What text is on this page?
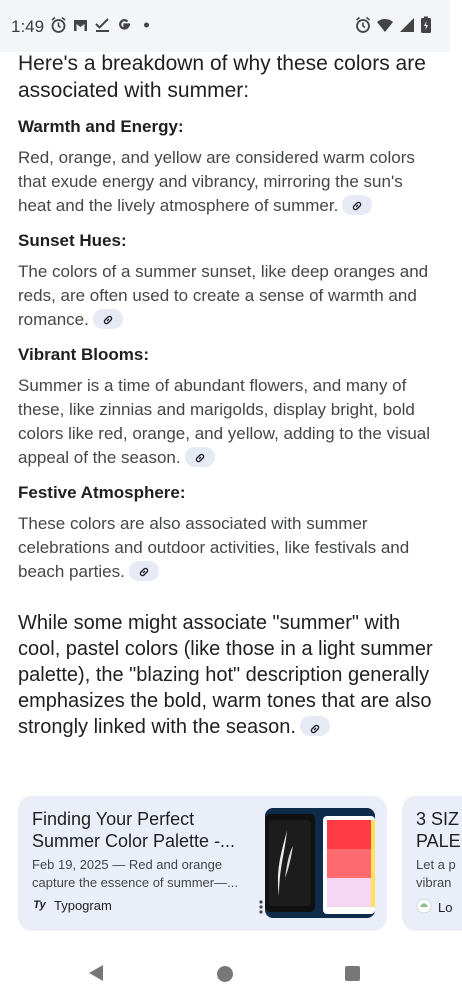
1:49

Here's a breakdown of why these colors are associated with summer:

Warmth and Energy:

Red, orange, and yellow are considered warm colors that exude energy and vibrancy, mirroring the sun's heat and the lively atmosphere of summer.

Sunset Hues:

The colors of a summer sunset, like deep oranges and reds, are often used to create a sense of warmth and romance.

Vibrant Blooms:

Summer is a time of abundant flowers, and many of these, like zinnias and marigolds, display bright, bold colors like red, orange, and yellow, adding to the visual appeal of the season.

Festive Atmosphere:

These colors are also associated with summer celebrations and outdoor activities, like festivals and beach parties.

While some might associate "summer" with cool, pastel colors (like those in a light summer palette), the "blazing hot" description generally emphasizes the bold, warm tones that are also strongly linked with the season.

Finding Your Perfect Summer Color Palette -...
Feb 19, 2025 — Red and orange capture the essence of summer—...
Ty Typogram
3 SIZ
PALE
Let a p
vibran
Lo
